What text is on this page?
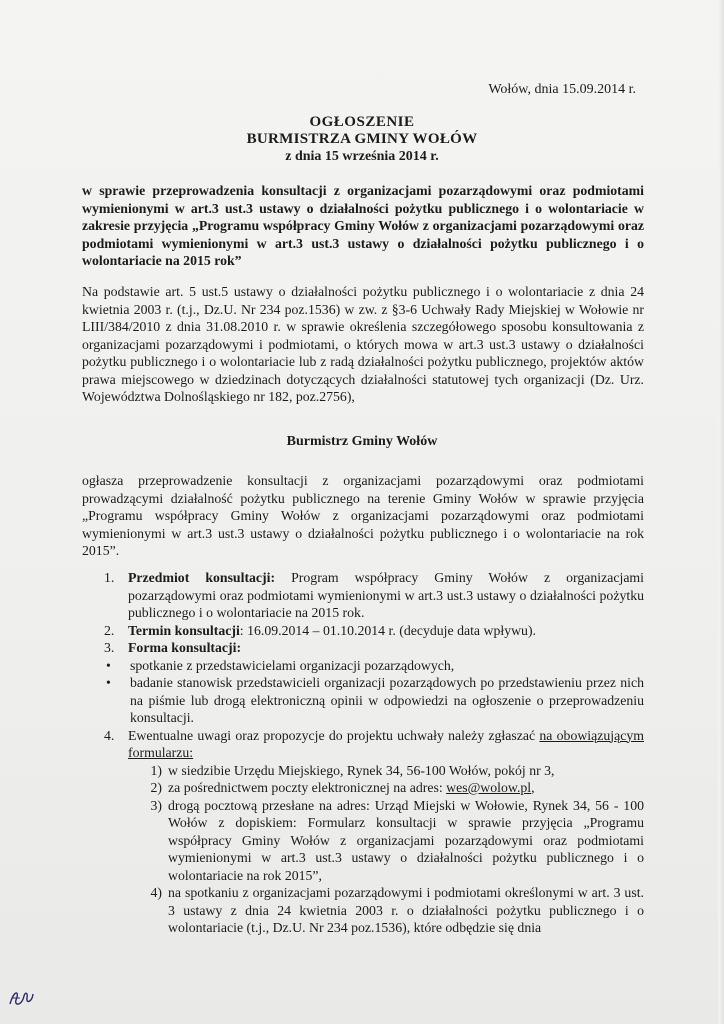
Wołów, dnia 15.09.2014 r.
OGŁOSZENIE
BURMISTRZA GMINY WOŁÓW
z dnia 15 września 2014 r.
w sprawie przeprowadzenia konsultacji z organizacjami pozarządowymi oraz podmiotami wymienionymi w art.3 ust.3 ustawy o działalności pożytku publicznego i o wolontariacie w zakresie przyjęcia „Programu współpracy Gminy Wołów z organizacjami pozarządowymi oraz podmiotami wymienionymi w art.3 ust.3 ustawy o działalności pożytku publicznego i o wolontariacie na 2015 rok”
Na podstawie art. 5 ust.5 ustawy o działalności pożytku publicznego i o wolontariacie z dnia 24 kwietnia 2003 r. (t.j., Dz.U. Nr 234 poz.1536) w zw. z §3-6 Uchwały Rady Miejskiej w Wołowie nr LIII/384/2010 z dnia 31.08.2010 r. w sprawie określenia szczegółowego sposobu konsultowania z organizacjami pozarządowymi i podmiotami, o których mowa w art.3 ust.3 ustawy o działalności pożytku publicznego i o wolontariacie lub z radą działalności pożytku publicznego, projektów aktów prawa miejscowego w dziedzinach dotyczących działalności statutowej tych organizacji (Dz. Urz. Województwa Dolnośląskiego nr 182, poz.2756),
Burmistrz Gminy Wołów
ogłasza przeprowadzenie konsultacji z organizacjami pozarządowymi oraz podmiotami prowadzącymi działalność pożytku publicznego na terenie Gminy Wołów w sprawie przyjęcia „Programu współpracy Gminy Wołów z organizacjami pozarządowymi oraz podmiotami wymienionymi w art.3 ust.3 ustawy o działalności pożytku publicznego i o wolontariacie na rok 2015”.
1. Przedmiot konsultacji: Program współpracy Gminy Wołów z organizacjami pozarządowymi oraz podmiotami wymienionymi w art.3 ust.3 ustawy o działalności pożytku publicznego i o wolontariacie na 2015 rok.
2. Termin konsultacji: 16.09.2014 – 01.10.2014 r. (decyduje data wpływu).
3. Forma konsultacji:
•	spotkanie z przedstawicielami organizacji pozarządowych,
•	badanie stanowisk przedstawicieli organizacji pozarządowych po przedstawieniu przez nich na piśmie lub drogą elektroniczną opinii w odpowiedzi na ogłoszenie o przeprowadzeniu konsultacji.
4. Ewentualne uwagi oraz propozycje do projektu uchwały należy zgłaszać na obowiązującym formularzu:
1) w siedzibie Urzędu Miejskiego, Rynek 34, 56-100 Wołów, pokój nr 3,
2) za pośrednictwem poczty elektronicznej na adres: wes@wolow.pl,
3) drogą pocztową przesłane na adres: Urząd Miejski w Wołowie, Rynek 34, 56 - 100 Wołów z dopiskiem: Formularz konsultacji w sprawie przyjęcia „Programu współpracy Gminy Wołów z organizacjami pozarządowymi oraz podmiotami wymienionymi w art.3 ust.3 ustawy o działalności pożytku publicznego i o wolontariacie na rok 2015”,
4) na spotkaniu z organizacjami pozarządowymi i podmiotami określonymi w art. 3 ust. 3 ustawy z dnia 24 kwietnia 2003 r. o działalności pożytku publicznego i o wolontariacie (t.j., Dz.U. Nr 234 poz.1536), które odbędzie się dnia
